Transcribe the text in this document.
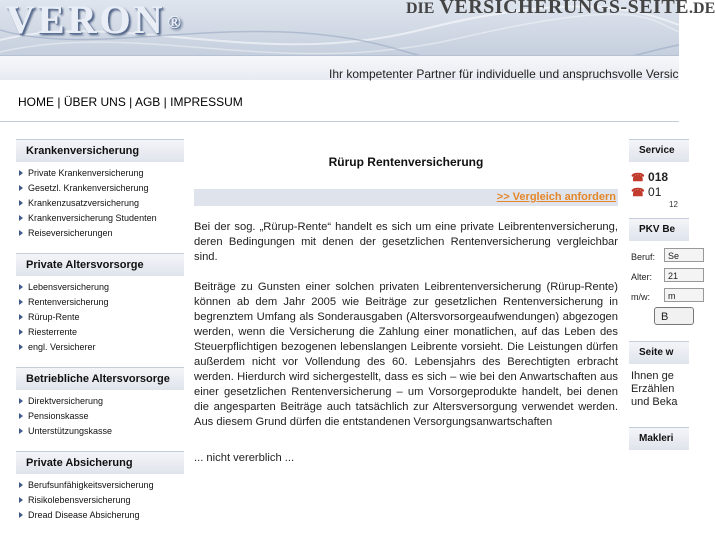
VERON ®
DIE VERSICHERUNGS-SEITE.DE
Ihr kompetenter Partner für individuelle und anspruchsvolle Versic
HOME | ÜBER UNS | AGB | IMPRESSUM
Krankenversicherung
Private Krankenversicherung
Gesetzl. Krankenversicherung
Krankenzusatzversicherung
Krankenversicherung Studenten
Reiseversicherungen
Private Altersvorsorge
Lebensversicherung
Rentenversicherung
Rürup-Rente
Riesterrente
engl. Versicherer
Betriebliche Altersvorsorge
Direktversicherung
Pensionskasse
Unterstützungskasse
Private Absicherung
Berufsunfähigkeitsversicherung
Risikolebensversicherung
Dread Disease Absicherung
Rürup Rentenversicherung
>> Vergleich anfordern

Bei der sog. „Rürup-Rente“ handelt es sich um eine private Leibrentenversicherung, deren Bedingungen mit denen der gesetzlichen Rentenversicherung vergleichbar sind.

Beiträge zu Gunsten einer solchen privaten Leibrentenversicherung (Rürup-Rente) können ab dem Jahr 2005 wie Beiträge zur gesetzlichen Rentenversicherung in begrenztem Umfang als Sonderausgaben (Altersvorsorgeaufwendungen) abgezogen werden, wenn die Versicherung die Zahlung einer monatlichen, auf das Leben des Steuerpflichtigen bezogenen lebenslangen Leibrente vorsieht. Die Leistungen dürfen außerdem nicht vor Vollendung des 60. Lebensjahrs des Berechtigten erbracht werden. Hierdurch wird sichergestellt, dass es sich – wie bei den Anwartschaften aus einer gesetzlichen Rentenversicherung – um Vorsorgeprodukte handelt, bei denen die angesparten Beiträge auch tatsächlich zur Altersversorgung verwendet werden. Aus diesem Grund dürfen die entstandenen Versorgungsanwartschaften

... nicht vererblich ...
Service
☎ 018
☎ 01
12
PKV Be
Beruf:	Se
Alter:	21
m/w:	m
B
Seite w
Ihnen ge
Erzählen
und Beka
Makleri
